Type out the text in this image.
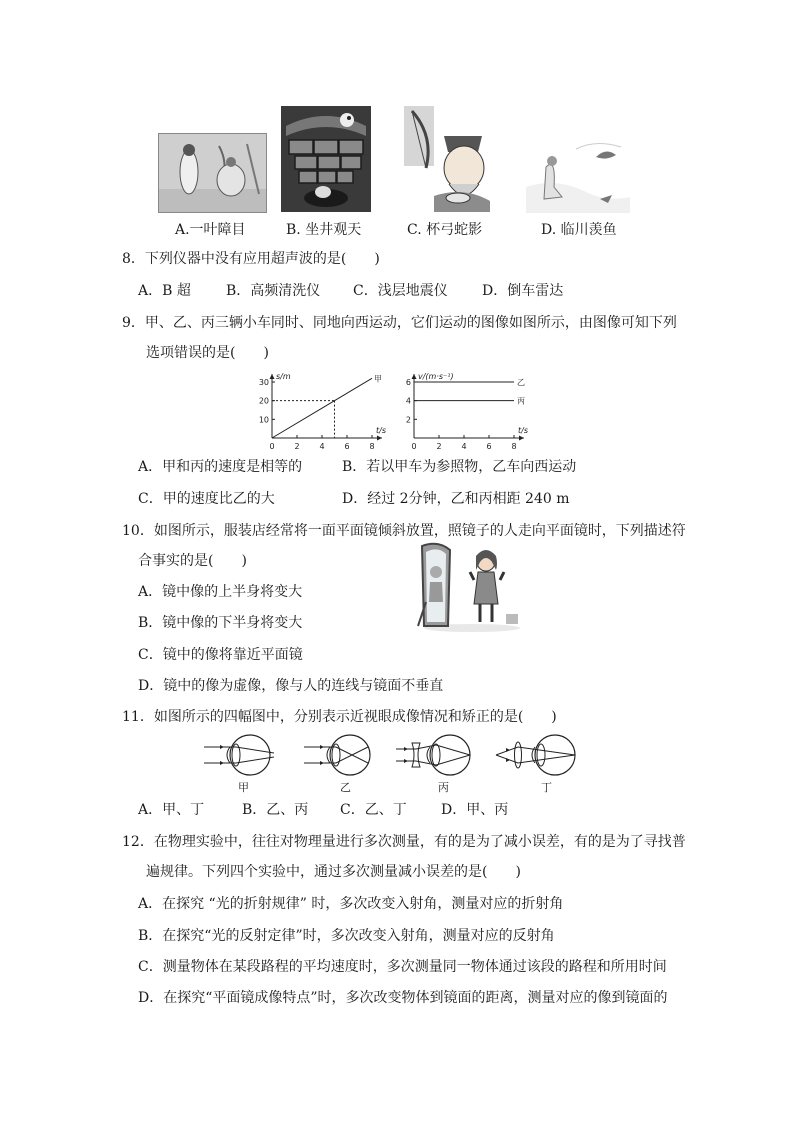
A.一叶障目	B. 坐井观天	C. 杯弓蛇影	D. 临川羡鱼
8．下列仪器中没有应用超声波的是(　　)
A．B 超	B．高频清洗仪 C．浅层地震仪 D．倒车雷达
9．甲、乙、丙三辆小车同时、同地向西运动，它们运动的图像如图所示，由图像可知下列
选项错误的是(　　)
0 2 4 6 8
10
20
30
t/s
s/m	甲
0 2 4 6 8
2
4
6
t/s
v/(m·s⁻¹)
乙
丙
A．甲和丙的速度是相等的	B．若以甲车为参照物，乙车向西运动
C．甲的速度比乙的大	D．经过 2分钟，乙和丙相距 240 m
10．如图所示，服装店经常将一面平面镜倾斜放置，照镜子的人走向平面镜时，下列描述符
合事实的是(　　)
A．镜中像的上半身将变大
B．镜中像的下半身将变大
C．镜中的像将靠近平面镜
D．镜中的像为虚像，像与人的连线与镜面不垂直
11．如图所示的四幅图中，分别表示近视眼成像情况和矫正的是(　　)
甲	乙	丙	丁
A．甲、丁	B．乙、丙 C．乙、丁 D．甲、丙
12．在物理实验中，往往对物理量进行多次测量，有的是为了减小误差，有的是为了寻找普
遍规律。下列四个实验中，通过多次测量减小误差的是(　　)
A．在探究 “光的折射规律” 时，多次改变入射角，测量对应的折射角
B．在探究“光的反射定律”时，多次改变入射角，测量对应的反射角
C．测量物体在某段路程的平均速度时，多次测量同一物体通过该段的路程和所用时间
D．在探究“平面镜成像特点”时，多次改变物体到镜面的距离，测量对应的像到镜面的
